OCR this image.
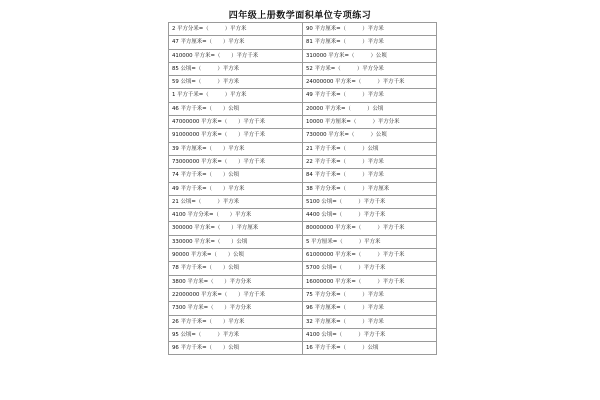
四年级上册数学面积单位专项练习
2 平方分米=（　　　）平方米	90 平方厘米=（　　　）平方米
47 平方厘米=（　　）平方米	81 平方厘米=（　　　）平方米
410000 平方米=（　　）平方千米	310000 平方米=（　　　）公顷
85 公顷=（　　　）平方米	52 平方米=（　　　）平方分米
59 公顷=（　　　）平方米	24000000 平方米=（　　　）平方千米
1 平方千米=（　　　）平方米	49 平方千米=（　　　）平方米
46 平方千米=（　　）公顷	20000 平方米=（　　　）公顷
47000000 平方米=（　　）平方千米	10000 平方厘米=（　　　）平方分米
91000000 平方米=（　　）平方千米	730000 平方米=（　　　）公顷
39 平方厘米=（　　）平方米	21 平方千米=（　　　）公顷
73000000 平方米=（　　）平方千米	22 平方千米=（　　　）平方米
74 平方千米=（　　）公顷	84 平方千米=（　　　）平方米
49 平方千米=（　　）平方米	38 平方分米=（　　　）平方厘米
21 公顷=（　　　）平方米	5100 公顷=（　　　）平方千米
4100 平方分米=（　　）平方米	4400 公顷=（　　　）平方千米
300000 平方米=（　　）平方厘米	80000000 平方米=（　　　）平方千米
330000 平方米=（　　）公顷	5 平方厘米=（　　　）平方米
90000 平方米=（　　）公顷	61000000 平方米=（　　　）平方千米
78 平方千米=（　　）公顷	5700 公顷=（　　　）平方千米
3800 平方米=（　　）平方分米	16000000 平方米=（　　　）平方千米
22000000 平方米=（　　）平方千米	75 平方分米=（　　　）平方米
7300 平方米=（　　）平方分米	96 平方厘米=（　　　）平方米
26 平方千米=（　　）平方米	32 平方厘米=（　　　）平方米
95 公顷=（　　　）平方米	4100 公顷=（　　　）平方千米
96 平方千米=（　　）公顷	16 平方千米=（　　　）公顷
